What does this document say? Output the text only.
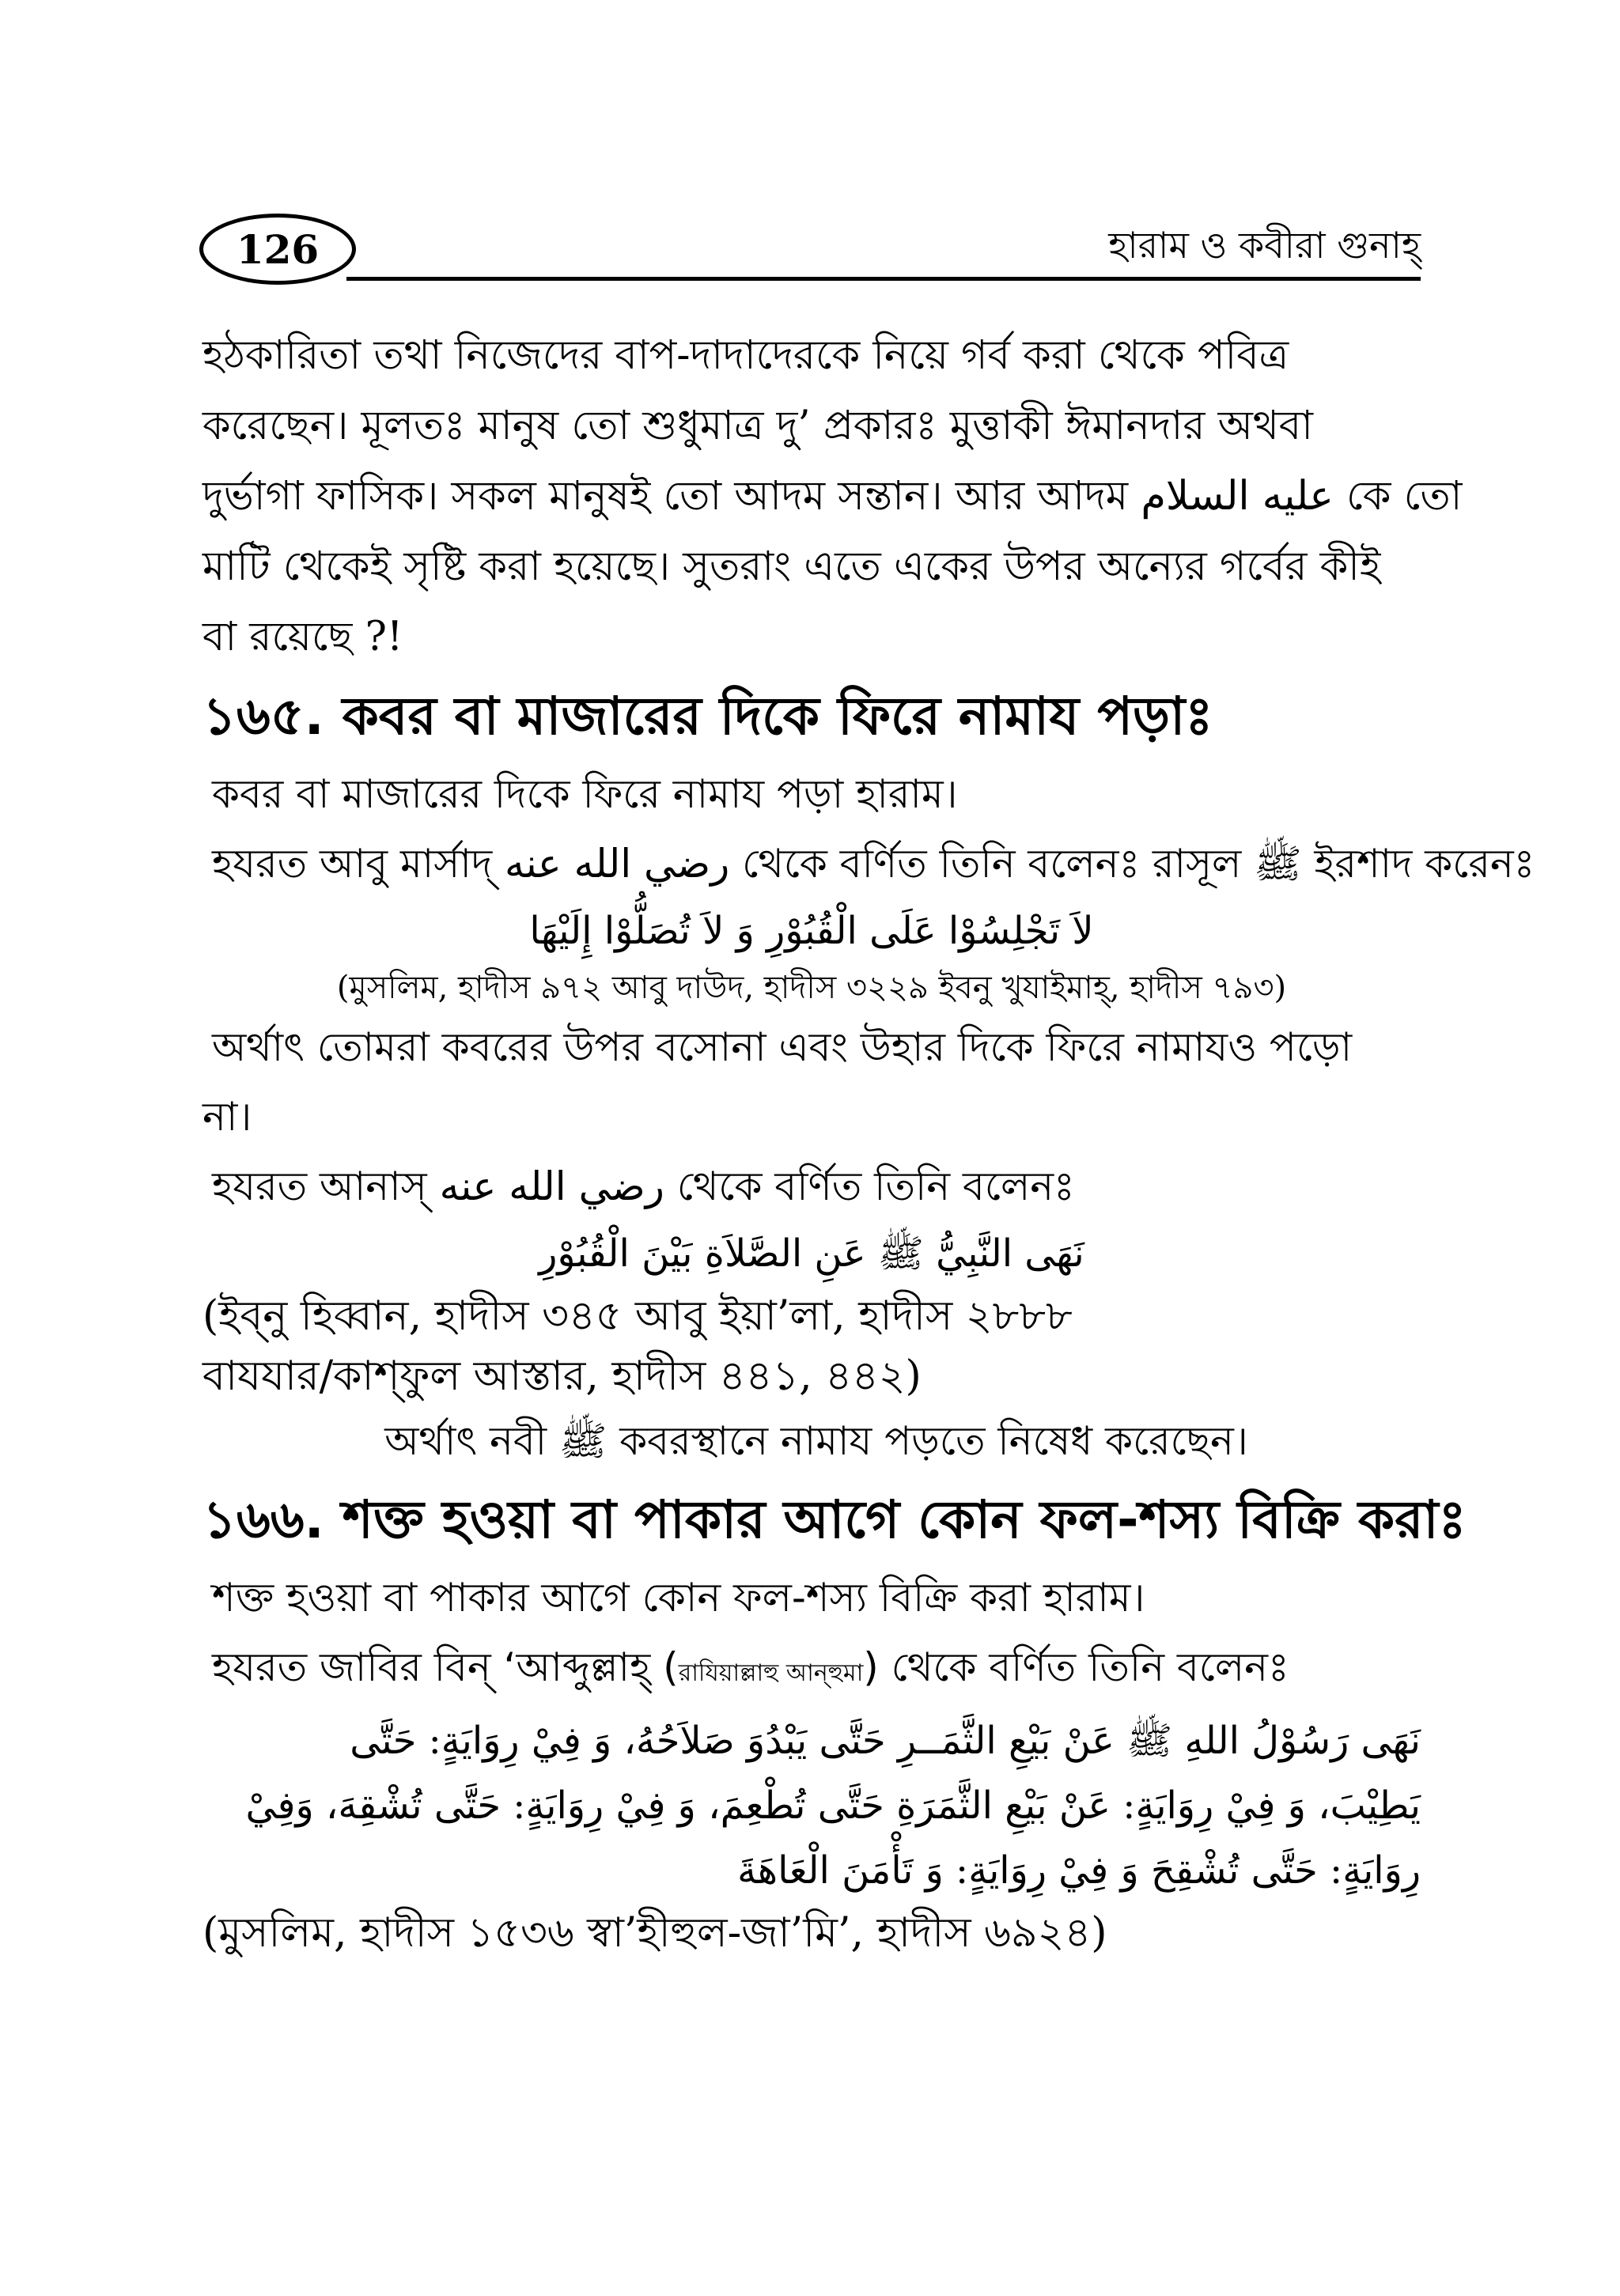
126	হারাম ও কবীরা গুনাহ্

হঠকারিতা তথা নিজেদের বাপ-দাদাদেরকে নিয়ে গর্ব করা থেকে পবিত্র

করেছেন। মূলতঃ মানুষ তো শুধুমাত্র দু’ প্রকারঃ মুত্তাকী ঈমানদার অথবা

দুর্ভাগা ফাসিক। সকল মানুষই তো আদম সন্তান। আর আদম عليه السلام কে তো

মাটি থেকেই সৃষ্টি করা হয়েছে। সুতরাং এতে একের উপর অন্যের গর্বের কীই

বা রয়েছে ?!

১৬৫. কবর বা মাজারের দিকে ফিরে নামায পড়াঃ

কবর বা মাজারের দিকে ফিরে নামায পড়া হারাম।

হযরত আবু মার্সাদ্ رضي الله عنه থেকে বর্ণিত তিনি বলেনঃ রাসূল ﷺ ইরশাদ করেনঃ

لاَ تَجْلِسُوْا عَلَى الْقُبُوْرِ وَ لاَ تُصَلُّوْا إِلَيْهَا

(মুসলিম, হাদীস ৯৭২ আবু দাউদ, হাদীস ৩২২৯ ইবনু খুযাইমাহ্, হাদীস ৭৯৩)

অর্থাৎ তোমরা কবরের উপর বসোনা এবং উহার দিকে ফিরে নামাযও পড়ো

না।

হযরত আনাস্ رضي الله عنه থেকে বর্ণিত তিনি বলেনঃ

نَهَى النَّبِيُّ ﷺ عَنِ الصَّلاَةِ بَيْنَ الْقُبُوْرِ

(ইব্নু হিব্বান, হাদীস ৩৪৫ আবু ইয়া’লা, হাদীস ২৮৮৮

বাযযার/কাশ্ফুল আস্তার, হাদীস ৪৪১, ৪৪২)

অর্থাৎ নবী ﷺ কবরস্থানে নামায পড়তে নিষেধ করেছেন।

১৬৬. শক্ত হওয়া বা পাকার আগে কোন ফল-শস্য বিক্রি করাঃ

শক্ত হওয়া বা পাকার আগে কোন ফল-শস্য বিক্রি করা হারাম।

হযরত জাবির বিন্ ‘আব্দুল্লাহ্ (রাযিয়াল্লাহু আন্হুমা) থেকে বর্ণিত তিনি বলেনঃ

نَهَى رَسُوْلُ اللهِ ﷺ عَنْ بَيْعِ الثَّمَــرِ حَتَّى يَبْدُوَ صَلاَحُهُ، وَ فِيْ رِوَايَةٍ: حَتَّى

يَطِيْبَ، وَ فِيْ رِوَايَةٍ: عَنْ بَيْعِ الثَّمَرَةِ حَتَّى تُطْعِمَ، وَ فِيْ رِوَايَةٍ: حَتَّى تُشْقِهَ، وَفِيْ

رِوَايَةٍ: حَتَّى تُشْقِحَ وَ فِيْ رِوَايَةٍ: وَ تَأْمَنَ الْعَاهَةَ

(মুসলিম, হাদীস ১৫৩৬ স্বা’হীহুল-জা’মি’, হাদীস ৬৯২৪)
